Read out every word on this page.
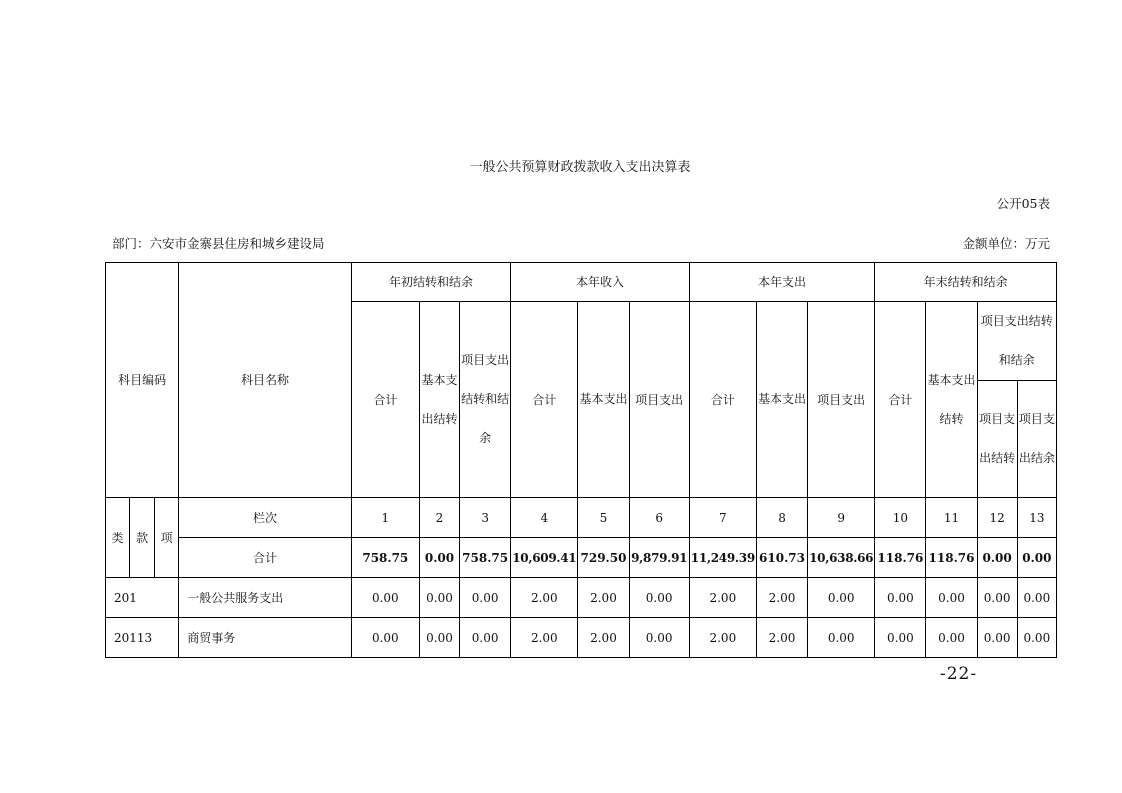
一般公共预算财政拨款收入支出决算表
公开05表
部门：六安市金寨县住房和城乡建设局	金额单位：万元
科目编码			科目名称	年初结转和结余			本年收入			本年支出			年末结转和结余			
				合计	基本支出结转	项目支出结转和结余	合计	基本支出	项目支出	合计	基本支出	项目支出	合计	基本支出结转	项目支出结转和结余	
															项目支出结转	项目支出结余
类	款	项	栏次	1	2	3	4	5	6	7	8	9	10	11	12	13
			合计	758.75	0.00	758.75	10,609.41	729.50	9,879.91	11,249.39	610.73	10,638.66	118.76	118.76	0.00	0.00
201			一般公共服务支出	0.00	0.00	0.00	2.00	2.00	0.00	2.00	2.00	0.00	0.00	0.00	0.00	0.00
20113			商贸事务	0.00	0.00	0.00	2.00	2.00	0.00	2.00	2.00	0.00	0.00	0.00	0.00	0.00
-22-
